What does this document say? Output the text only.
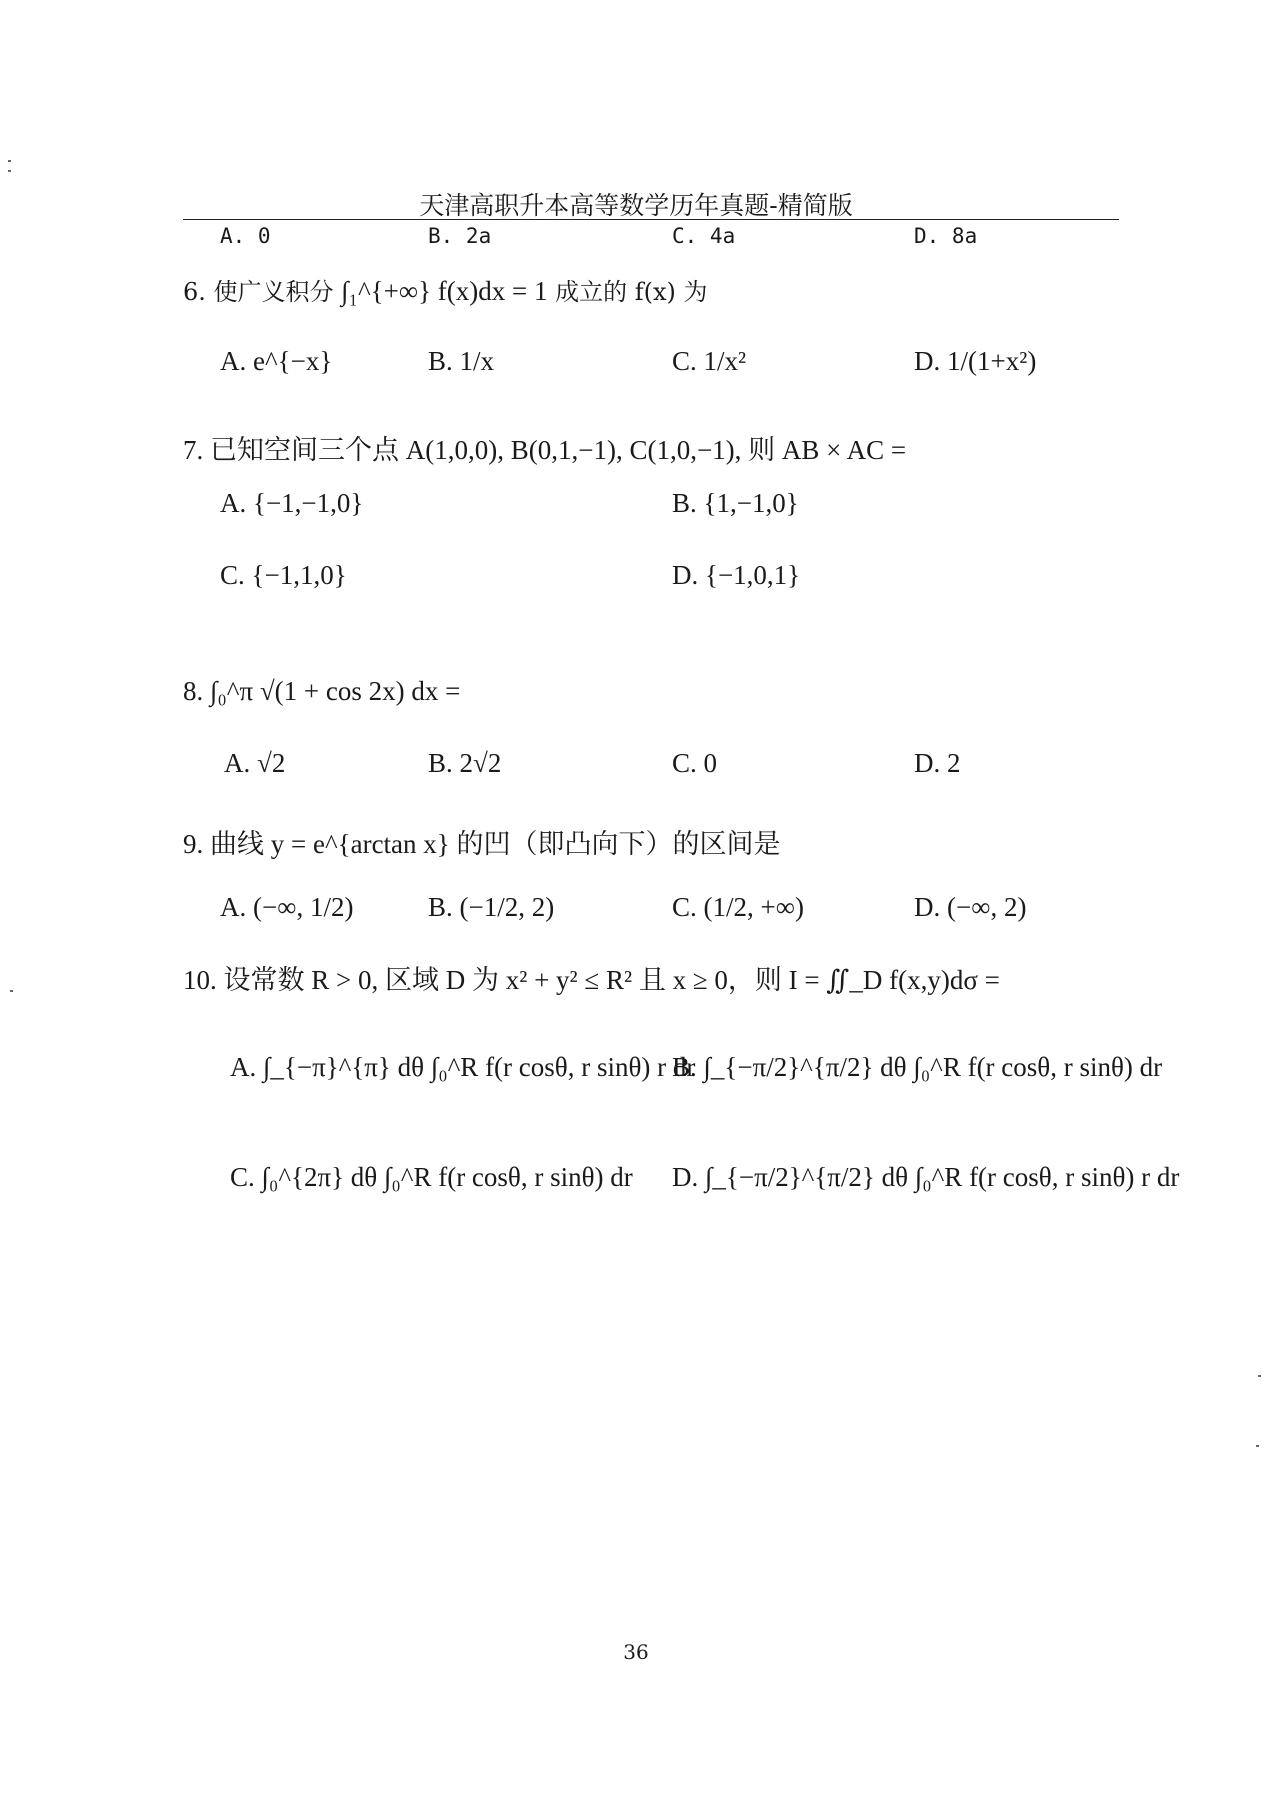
天津高职升本高等数学历年真题-精简版
A. 0	B. 2a	C. 4a	D. 8a
6. 使广义积分 ∫₁^{+∞} f(x)dx = 1 成立的 f(x) 为
A. e^{−x}	B. 1/x	C. 1/x²	D. 1/(1+x²)
7. 已知空间三个点 A(1,0,0), B(0,1,−1), C(1,0,−1), 则 AB × AC =
A. {−1,−1,0}	B. {1,−1,0}
C. {−1,1,0}	D. {−1,0,1}
8. ∫₀^π √(1 + cos 2x) dx =
A. √2	B. 2√2	C. 0	D. 2
9. 曲线 y = e^{arctan x} 的凹（即凸向下）的区间是
A. (−∞, 1/2)	B. (−1/2, 2)	C. (1/2, +∞)	D. (−∞, 2)
10. 设常数 R > 0, 区域 D 为 x² + y² ≤ R² 且 x ≥ 0，则 I = ∬_D f(x,y)dσ =
A. ∫_{−π}^{π} dθ ∫₀^R f(r cosθ, r sinθ) r dr
B. ∫_{−π/2}^{π/2} dθ ∫₀^R f(r cosθ, r sinθ) dr
C. ∫₀^{2π} dθ ∫₀^R f(r cosθ, r sinθ) dr D. ∫_{−π/2}^{π/2} dθ ∫₀^R f(r cosθ, r sinθ) r dr
36
